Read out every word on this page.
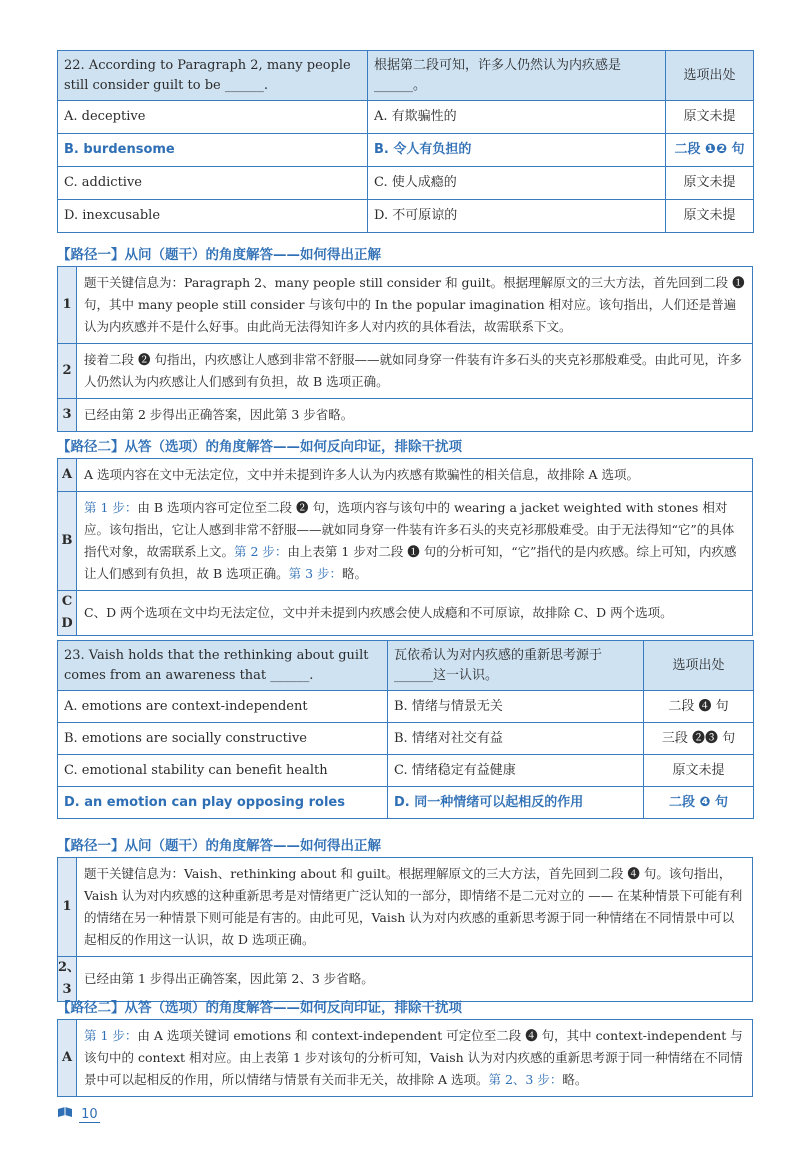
22. According to Paragraph 2, many people still consider guilt to be ______.	根据第二段可知，许多人仍然认为内疚感是______。	选项出处
A. deceptive	A. 有欺骗性的	原文未提
B. burdensome	B. 令人有负担的	二段 ❶❷ 句
C. addictive	C. 使人成瘾的	原文未提
D. inexcusable	D. 不可原谅的	原文未提
【路径一】从问（题干）的角度解答——如何得出正解
1	题干关键信息为：Paragraph 2、many people still consider 和 guilt。根据理解原文的三大方法，首先回到二段 ❶ 句，其中 many people still consider 与该句中的 In the popular imagination 相对应。该句指出，人们还是普遍认为内疚感并不是什么好事。由此尚无法得知许多人对内疚的具体看法，故需联系下文。
2	接着二段 ❷ 句指出，内疚感让人感到非常不舒服——就如同身穿一件装有许多石头的夹克衫那般难受。由此可见，许多人仍然认为内疚感让人们感到有负担，故 B 选项正确。
3	已经由第 2 步得出正确答案，因此第 3 步省略。
【路径二】从答（选项）的角度解答——如何反向印证，排除干扰项
A	A 选项内容在文中无法定位，文中并未提到许多人认为内疚感有欺骗性的相关信息，故排除 A 选项。
B	第 1 步：由 B 选项内容可定位至二段 ❷ 句，选项内容与该句中的 wearing a jacket weighted with stones 相对应。该句指出，它让人感到非常不舒服——就如同身穿一件装有许多石头的夹克衫那般难受。由于无法得知“它”的具体指代对象，故需联系上文。第 2 步：由上表第 1 步对二段 ❶ 句的分析可知，“它”指代的是内疚感。综上可知，内疚感让人们感到有负担，故 B 选项正确。第 3 步：略。
C D	C、D 两个选项在文中均无法定位，文中并未提到内疚感会使人成瘾和不可原谅，故排除 C、D 两个选项。
23. Vaish holds that the rethinking about guilt comes from an awareness that ______.	瓦依希认为对内疚感的重新思考源于______这一认识。	选项出处
A. emotions are context-independent	B. 情绪与情景无关	二段 ❹ 句
B. emotions are socially constructive	B. 情绪对社交有益	三段 ❷❸ 句
C. emotional stability can benefit health	C. 情绪稳定有益健康	原文未提
D. an emotion can play opposing roles	D. 同一种情绪可以起相反的作用	二段 ❹ 句
【路径一】从问（题干）的角度解答——如何得出正解
1	题干关键信息为：Vaish、rethinking about 和 guilt。根据理解原文的三大方法，首先回到二段 ❹ 句。该句指出，Vaish 认为对内疚感的这种重新思考是对情绪更广泛认知的一部分，即情绪不是二元对立的 —— 在某种情景下可能有利的情绪在另一种情景下则可能是有害的。由此可见，Vaish 认为对内疚感的重新思考源于同一种情绪在不同情景中可以起相反的作用这一认识，故 D 选项正确。
2、3	已经由第 1 步得出正确答案，因此第 2、3 步省略。
【路径二】从答（选项）的角度解答——如何反向印证，排除干扰项
A	第 1 步：由 A 选项关键词 emotions 和 context-independent 可定位至二段 ❹ 句，其中 context-independent 与该句中的 context 相对应。由上表第 1 步对该句的分析可知，Vaish 认为对内疚感的重新思考源于同一种情绪在不同情景中可以起相反的作用，所以情绪与情景有关而非无关，故排除 A 选项。第 2、3 步：略。
10
